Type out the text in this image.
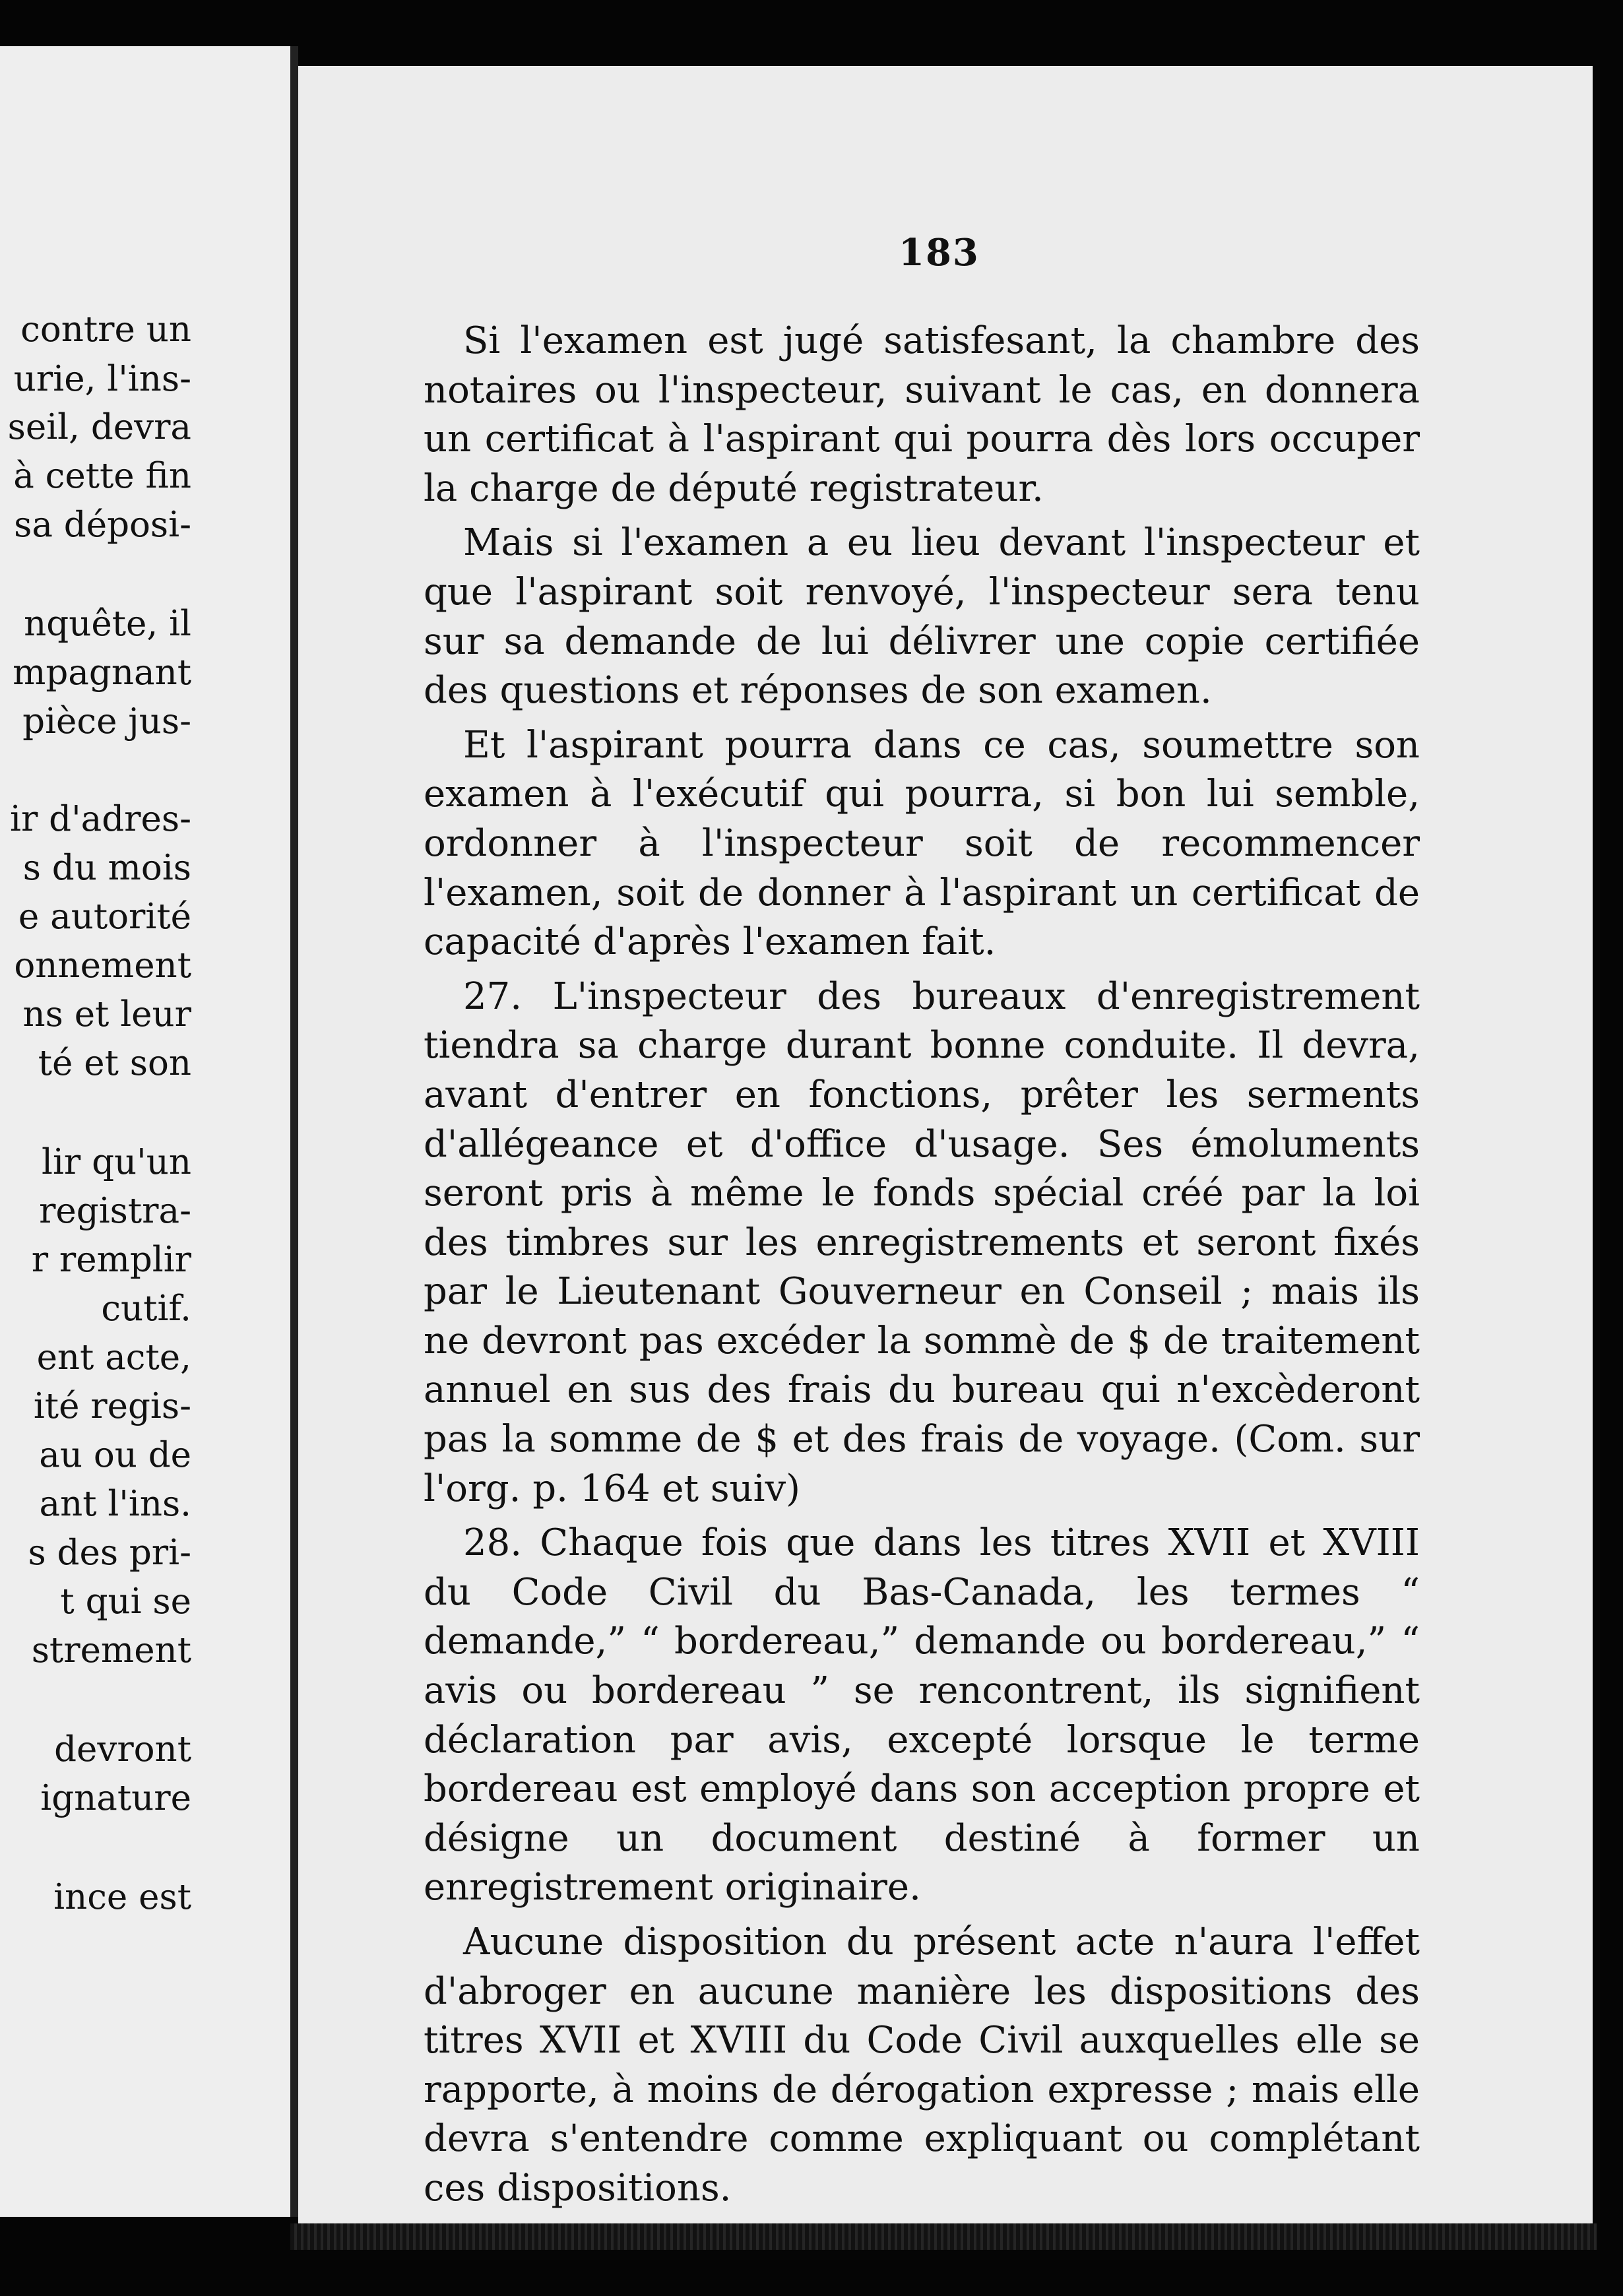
contre un
urie, l'ins-
seil, devra
à cette fin
sa déposi-
nquête, il
mpagnant
pièce jus-
ir d'adres-
s du mois
e autorité
onnement
ns et leur
té et son
lir qu'un
registra-
r remplir
cutif.
ent acte,
ité regis-
au ou de
ant l'ins.
s des pri-
t qui se
strement
devront
ignature
ince est
183

Si l'examen est jugé satisfesant, la chambre des notaires ou l'inspecteur, suivant le cas, en donnera un certificat à l'aspirant qui pourra dès lors occuper la charge de député registrateur.

Mais si l'examen a eu lieu devant l'inspecteur et que l'aspirant soit renvoyé, l'inspecteur sera tenu sur sa demande de lui délivrer une copie certifiée des questions et réponses de son examen.

Et l'aspirant pourra dans ce cas, soumettre son examen à l'exécutif qui pourra, si bon lui semble, ordonner à l'inspecteur soit de recommencer l'examen, soit de donner à l'aspirant un certificat de capacité d'après l'examen fait.

27. L'inspecteur des bureaux d'enregistrement tiendra sa charge durant bonne conduite. Il devra, avant d'entrer en fonctions, prêter les serments d'allégeance et d'office d'usage. Ses émoluments seront pris à même le fonds spécial créé par la loi des timbres sur les enregistrements et seront fixés par le Lieutenant Gouverneur en Conseil ; mais ils ne devront pas excéder la sommè de $ de traitement annuel en sus des frais du bureau qui n'excèderont pas la somme de $ et des frais de voyage. (Com. sur l'org. p. 164 et suiv)

28. Chaque fois que dans les titres XVII et XVIII du Code Civil du Bas-Canada, les termes “ demande,” “ bordereau,” demande ou bordereau,” “ avis ou bordereau ” se rencontrent, ils signifient déclaration par avis, excepté lorsque le terme bordereau est employé dans son acception propre et désigne un document destiné à former un enregistrement originaire.

Aucune disposition du présent acte n'aura l'effet d'abroger en aucune manière les dispositions des titres XVII et XVIII du Code Civil auxquelles elle se rapporte, à moins de dérogation expresse ; mais elle devra s'entendre comme expliquant ou complétant ces dispositions.
